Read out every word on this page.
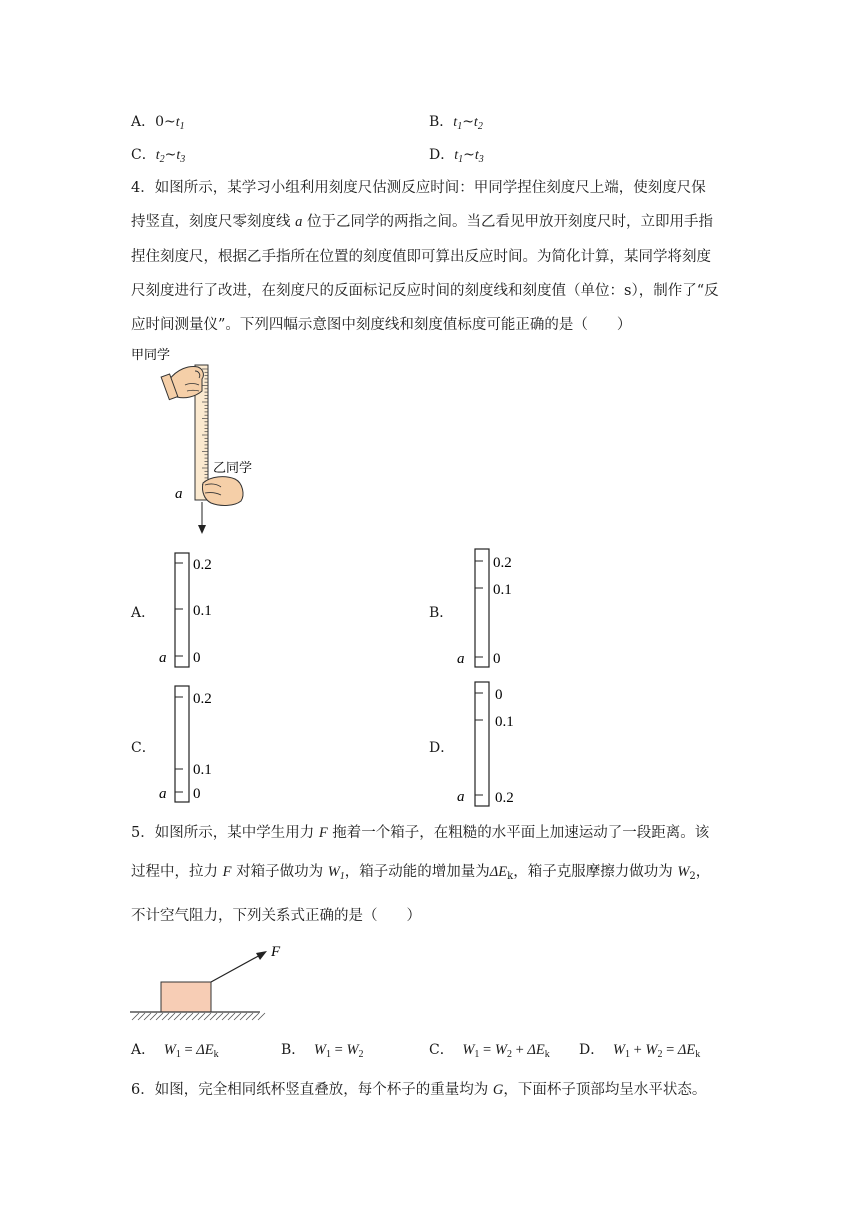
A．$0\sim t_1$	B．$t_1\sim t_2$
C．$t_2\sim t_3$	D．$t_1\sim t_3$
4．如图所示，某学习小组利用刻度尺估测反应时间：甲同学捏住刻度尺上端，使刻度尺保
持竖直，刻度尺零刻度线 a 位于乙同学的两指之间。当乙看见甲放开刻度尺时，立即用手指
捏住刻度尺，根据乙手指所在位置的刻度值即可算出反应时间。为简化计算，某同学将刻度
尺刻度进行了改进，在刻度尺的反面标记反应时间的刻度线和刻度值（单位：s），制作了“反
应时间测量仪”。下列四幅示意图中刻度线和刻度值标度可能正确的是（　　）
甲同学
乙同学
a
A．
0.2
0.1
0
a
B．
0.2
0.1
0
a
C．
0.2
0.1
0
a
D．
0
0.1
0.2
a
5．如图所示，某中学生用力 F 拖着一个箱子，在粗糙的水平面上加速运动了一段距离。该
过程中，拉力 F 对箱子做功为 $W_1$，箱子动能的增加量为$\Delta E_k$，箱子克服摩擦力做功为 $W_2$，
不计空气阻力，下列关系式正确的是（　　）
F
A． $W_1 = \Delta E_k$	B． $W_1 = W_2$	C． $W_1 = W_2 + \Delta E_k$ D． $W_1 + W_2 = \Delta E_k$
6．如图，完全相同纸杯竖直叠放，每个杯子的重量均为 G，下面杯子顶部均呈水平状态。
